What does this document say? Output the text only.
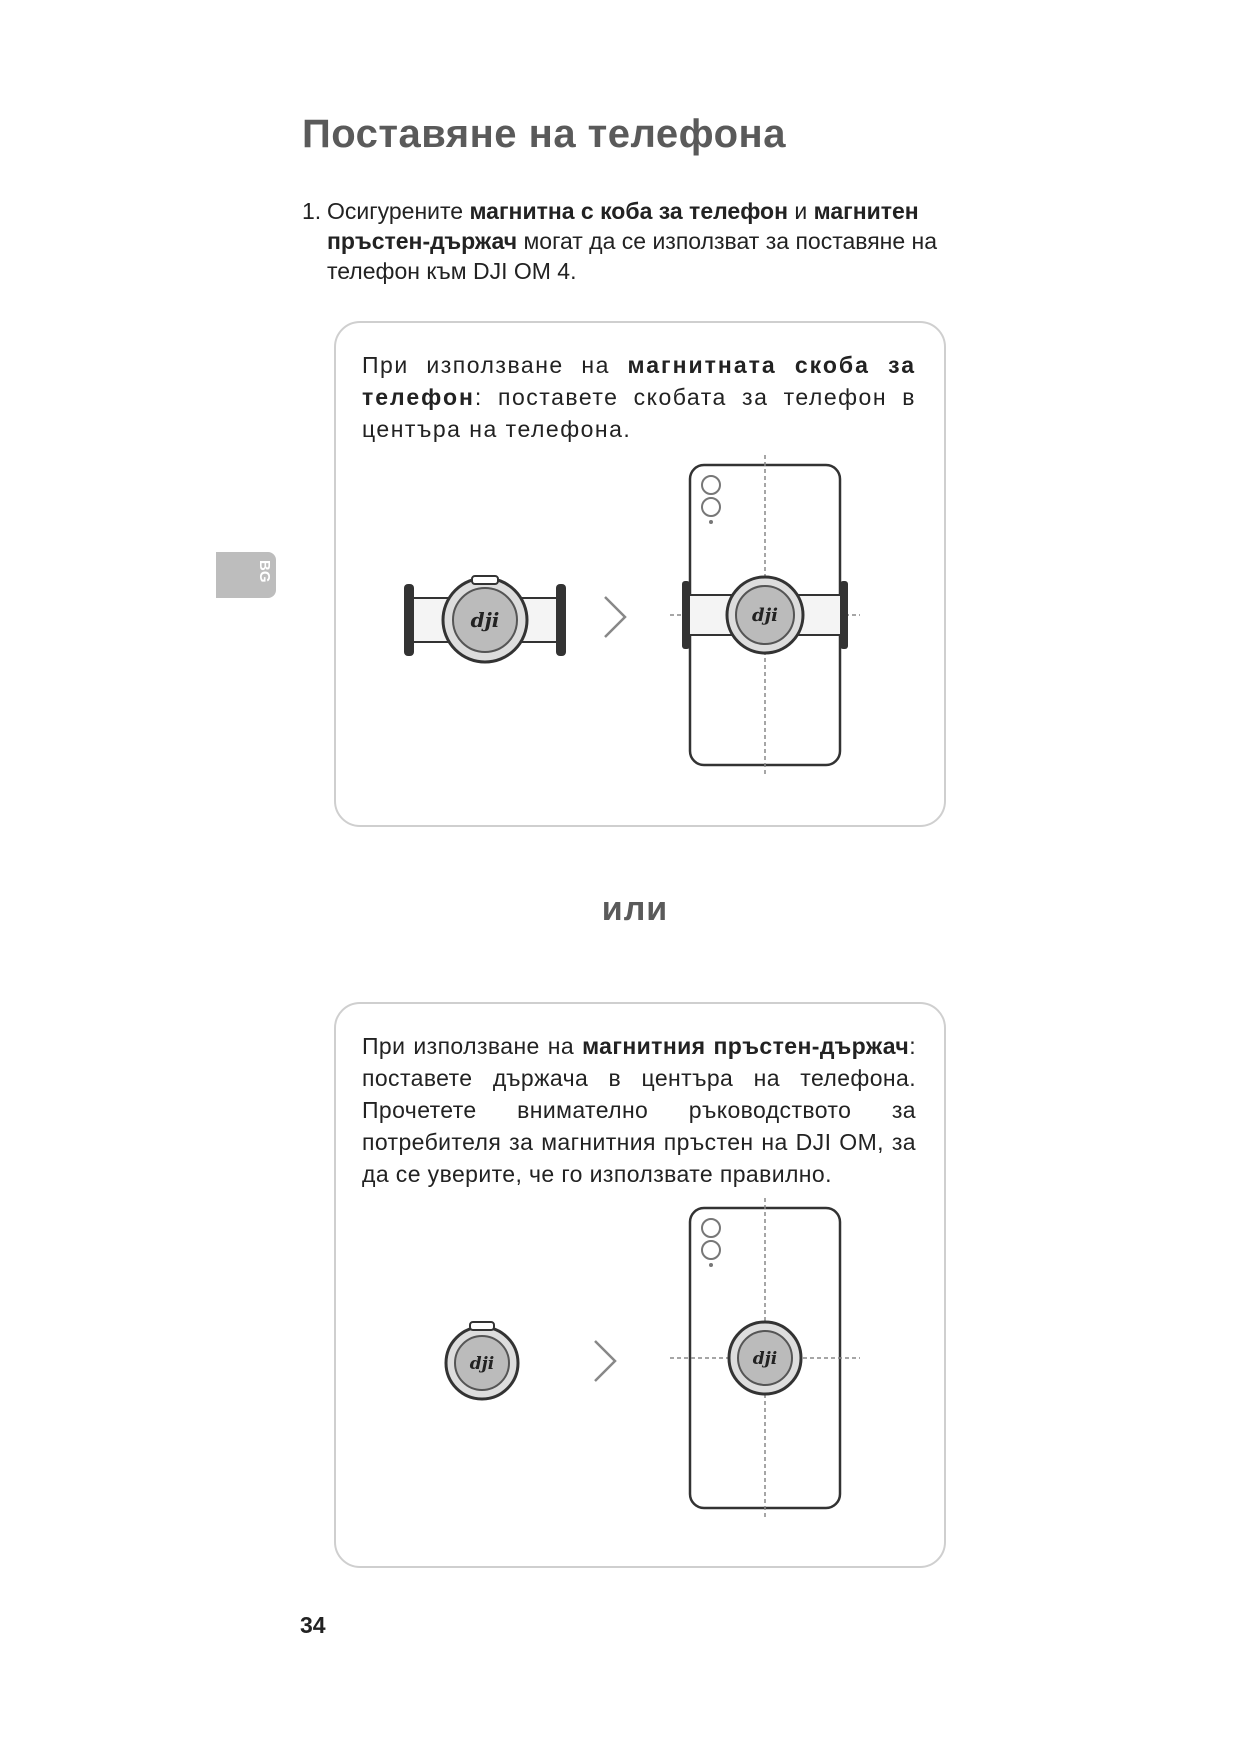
Поставяне на телефона
1. Осигурените магнитна с коба за телефон и магнитен пръстен-държач могат да се използват за поставяне на телефон към DJI OM 4.
BG
При използване на магнитната скоба за телефон: поставете скобата за телефон в центъра на телефона.
dji	dji
или
При използване на магнитния пръстен-държач: поставете държача в центъра на телефона. Прочетете внимателно ръководството за потребителя за магнитния пръстен на DJI OM, за да се уверите, че го използвате правилно.
dji	dji
34
